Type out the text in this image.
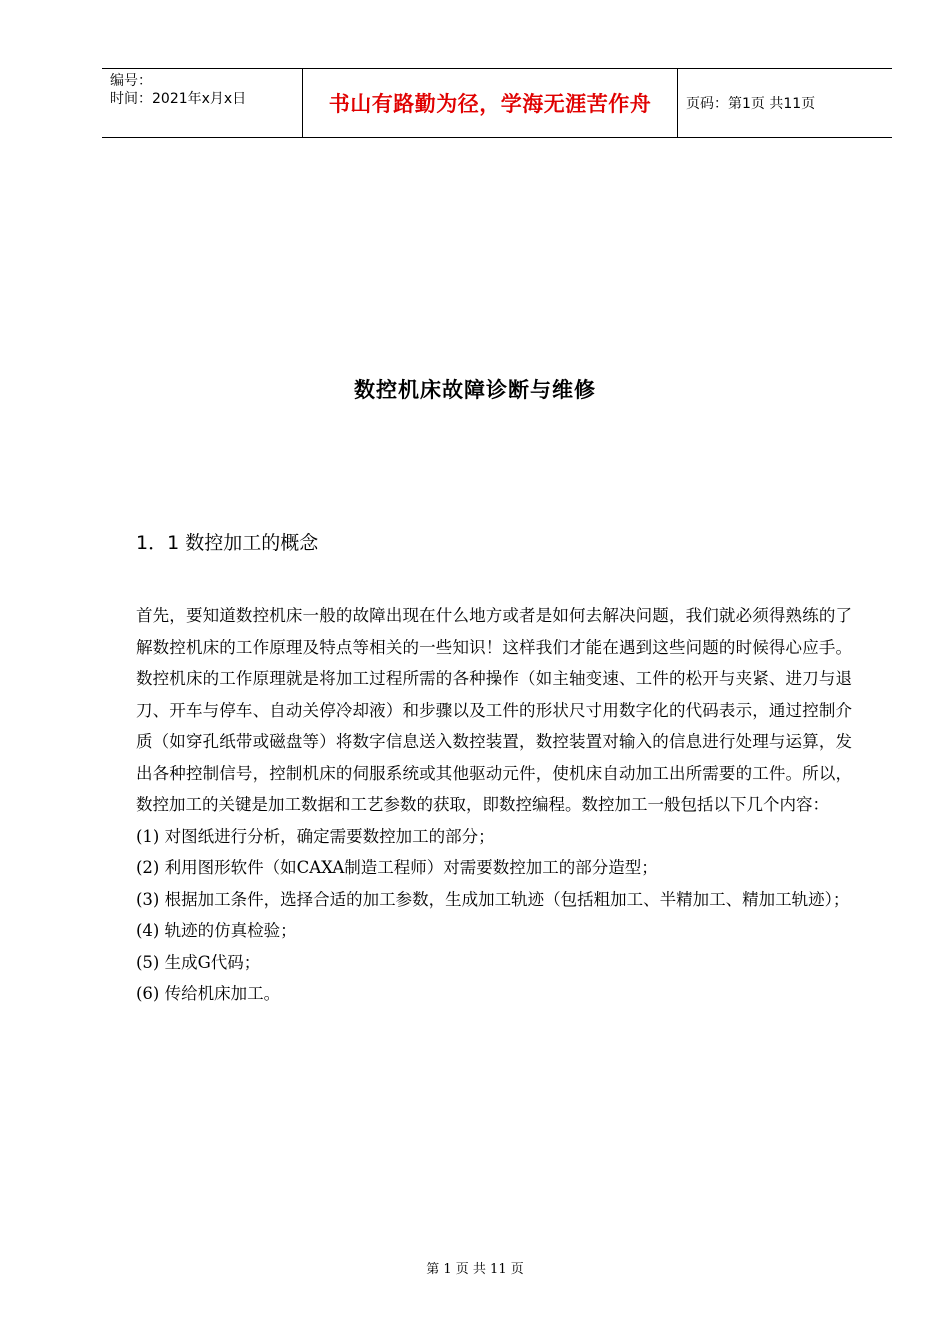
编号：
时间：2021年x月x日	书山有路勤为径，学海无涯苦作舟	页码：第1页 共11页
数控机床故障诊断与维修
1．1 数控加工的概念

首先，要知道数控机床一般的故障出现在什么地方或者是如何去解决问题，我们就必须得熟练的了解数控机床的工作原理及特点等相关的一些知识！这样我们才能在遇到这些问题的时候得心应手。数控机床的工作原理就是将加工过程所需的各种操作（如主轴变速、工件的松开与夹紧、进刀与退刀、开车与停车、自动关停冷却液）和步骤以及工件的形状尺寸用数字化的代码表示，通过控制介质（如穿孔纸带或磁盘等）将数字信息送入数控装置，数控装置对输入的信息进行处理与运算，发出各种控制信号，控制机床的伺服系统或其他驱动元件，使机床自动加工出所需要的工件。所以，数控加工的关键是加工数据和工艺参数的获取，即数控编程。数控加工一般包括以下几个内容：

(1) 对图纸进行分析，确定需要数控加工的部分；

(2) 利用图形软件（如CAXA制造工程师）对需要数控加工的部分造型；

(3) 根据加工条件，选择合适的加工参数，生成加工轨迹（包括粗加工、半精加工、精加工轨迹）；

(4) 轨迹的仿真检验；

(5) 生成G代码；

(6) 传给机床加工。

第 1 页 共 11 页
